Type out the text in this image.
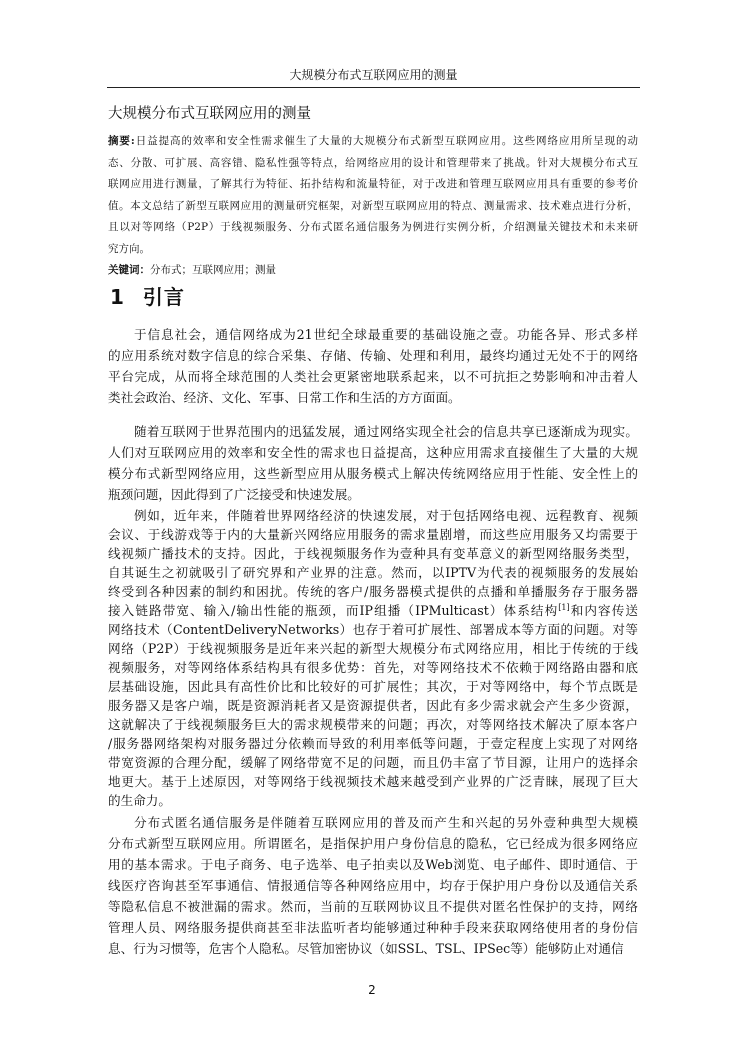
大规模分布式互联网应用的测量
大规模分布式互联网应用的测量
摘要:日益提高的效率和安全性需求催生了大量的大规模分布式新型互联网应用。这些网络应用所呈现的动
态、分散、可扩展、高容错、隐私性强等特点，给网络应用的设计和管理带来了挑战。针对大规模分布式互
联网应用进行测量，了解其行为特征、拓扑结构和流量特征，对于改进和管理互联网应用具有重要的参考价
值。本文总结了新型互联网应用的测量研究框架，对新型互联网应用的特点、测量需求、技术难点进行分析，
且以对等网络（P2P）于线视频服务、分布式匿名通信服务为例进行实例分析，介绍测量关键技术和未来研
究方向。
关键词：分布式；互联网应用；测量
1 引言
于信息社会，通信网络成为21世纪全球最重要的基础设施之壹。功能各异、形式多样
的应用系统对数字信息的综合采集、存储、传输、处理和利用，最终均通过无处不于的网络
平台完成，从而将全球范围的人类社会更紧密地联系起来，以不可抗拒之势影响和冲击着人
类社会政治、经济、文化、军事、日常工作和生活的方方面面。
随着互联网于世界范围内的迅猛发展，通过网络实现全社会的信息共享已逐渐成为现实。
人们对互联网应用的效率和安全性的需求也日益提高，这种应用需求直接催生了大量的大规
模分布式新型网络应用，这些新型应用从服务模式上解决传统网络应用于性能、安全性上的
瓶颈问题，因此得到了广泛接受和快速发展。
例如，近年来，伴随着世界网络经济的快速发展，对于包括网络电视、远程教育、视频
会议、于线游戏等于内的大量新兴网络应用服务的需求量剧增，而这些应用服务又均需要于
线视频广播技术的支持。因此，于线视频服务作为壹种具有变革意义的新型网络服务类型，
自其诞生之初就吸引了研究界和产业界的注意。然而，以IPTV为代表的视频服务的发展始
终受到各种因素的制约和困扰。传统的客户/服务器模式提供的点播和单播服务存于服务器
接入链路带宽、输入/输出性能的瓶颈，而IP组播（IPMulticast）体系结构[1]和内容传送
网络技术（ContentDeliveryNetworks）也存于着可扩展性、部署成本等方面的问题。对等
网络（P2P）于线视频服务是近年来兴起的新型大规模分布式网络应用，相比于传统的于线
视频服务，对等网络体系结构具有很多优势：首先，对等网络技术不依赖于网络路由器和底
层基础设施，因此具有高性价比和比较好的可扩展性；其次，于对等网络中，每个节点既是
服务器又是客户端，既是资源消耗者又是资源提供者，因此有多少需求就会产生多少资源，
这就解决了于线视频服务巨大的需求规模带来的问题；再次，对等网络技术解决了原本客户
/服务器网络架构对服务器过分依赖而导致的利用率低等问题，于壹定程度上实现了对网络
带宽资源的合理分配，缓解了网络带宽不足的问题，而且仍丰富了节目源，让用户的选择余
地更大。基于上述原因，对等网络于线视频技术越来越受到产业界的广泛青睐，展现了巨大
的生命力。
分布式匿名通信服务是伴随着互联网应用的普及而产生和兴起的另外壹种典型大规模
分布式新型互联网应用。所谓匿名，是指保护用户身份信息的隐私，它已经成为很多网络应
用的基本需求。于电子商务、电子选举、电子拍卖以及Web浏览、电子邮件、即时通信、于
线医疗咨询甚至军事通信、情报通信等各种网络应用中，均存于保护用户身份以及通信关系
等隐私信息不被泄漏的需求。然而，当前的互联网协议且不提供对匿名性保护的支持，网络
管理人员、网络服务提供商甚至非法监听者均能够通过种种手段来获取网络使用者的身份信
息、行为习惯等，危害个人隐私。尽管加密协议（如SSL、TSL、IPSec等）能够防止对通信
2
